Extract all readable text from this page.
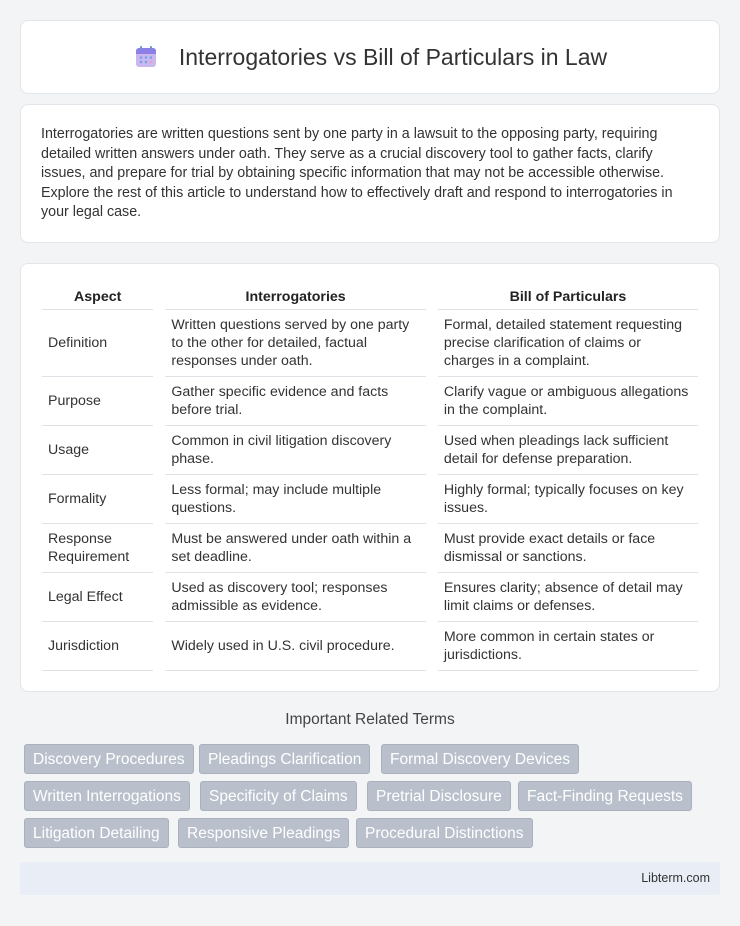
Interrogatories vs Bill of Particulars in Law

Interrogatories are written questions sent by one party in a lawsuit to the opposing party, requiring detailed written answers under oath. They serve as a crucial discovery tool to gather facts, clarify issues, and prepare for trial by obtaining specific information that may not be accessible otherwise. Explore the rest of this article to understand how to effectively draft and respond to interrogatories in your legal case.

Aspect		Interrogatories		Bill of Particulars
Definition		Written questions served by one party to the other for detailed, factual responses under oath.		Formal, detailed statement requesting precise clarification of claims or charges in a complaint.
Purpose		Gather specific evidence and facts before trial.		Clarify vague or ambiguous allegations in the complaint.
Usage		Common in civil litigation discovery phase.		Used when pleadings lack sufficient detail for defense preparation.
Formality		Less formal; may include multiple questions.		Highly formal; typically focuses on key issues.
Response Requirement		Must be answered under oath within a set deadline.		Must provide exact details or face dismissal or sanctions.
Legal Effect		Used as discovery tool; responses admissible as evidence.		Ensures clarity; absence of detail may limit claims or defenses.
Jurisdiction		Widely used in U.S. civil procedure.		More common in certain states or jurisdictions.
Important Related Terms
Discovery Procedures	Pleadings Clarification	Formal Discovery Devices
Written Interrogations	Specificity of Claims	Pretrial Disclosure	Fact-Finding Requests
Litigation Detailing	Responsive Pleadings	Procedural Distinctions
Libterm.com
